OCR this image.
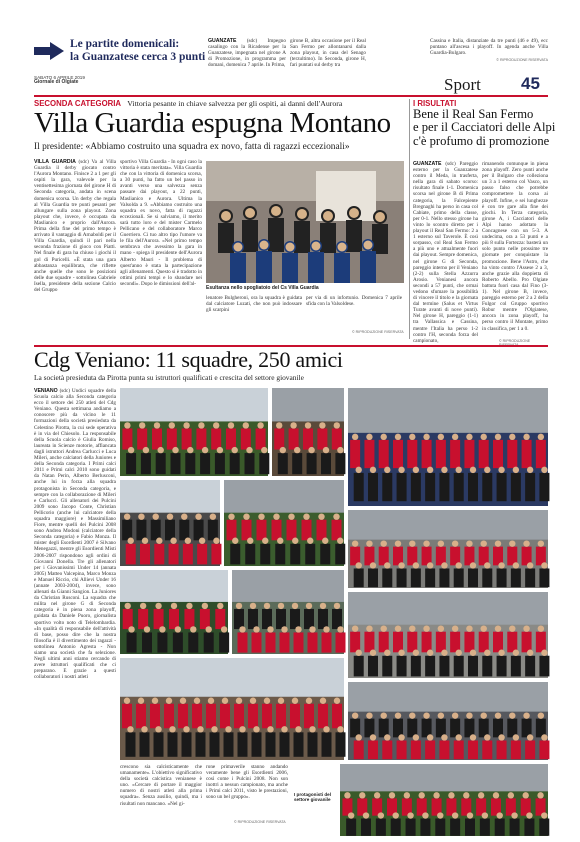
Le partite domenicali:
la Guanzatese cerca 3 punti
SABATO 6 APRILE 2019
Giornale di Olgiate
GUANZATE (sdc) Impegno casalingo con la Ricadense per la Guanzatese, impegnata nel girone A di Promozione, in programma per domani, domenica 7 aprile. In Prima,
girone B, altra occasione per il Real San Fermo per allontanarsi dalla zona playout, in casa del Senago (terzultimo). In Seconda, girone H, fari puntati sul derby tra
Cassina e Italia, distanziate da tre punti (46 e 49), ecc puntano all'ascesa i playoff. In agenda anche Villa Guardia-Bulgaro.
© RIPRODUZIONE RISERVATA
Sport 45
SECONDA CATEGORIA Vittoria pesante in chiave salvezza per gli ospiti, ai danni dell'Aurora
Villa Guardia espugna Montano
Il presidente: «Abbiamo costruito una squadra ex novo, fatta di ragazzi eccezionali»
VILLA GUARDIA (sdc) Va al Villa Guardia il derby giocato contro l'Aurora Montano. Finisce 2 a 1 per gli ospiti la gara, valevole per la ventisettesima giornata del girone H di Seconda categoria, andata in scena domenica scorsa. Un derby che regala al Villa Guardia tre punti pesanti per allungare sulla zona playout. Zona playout che, invece, è occupata da Maslianico e proprio dall'Aurora. Prima della fine del primo tempo è arrivato il vantaggio di Arnaboldi per il Villa Guardia, quindi il pari nella seconda frazione di gioco con Piatti. Nel finale di gara ha chiuso i giochi il gol di Puricelli. «È stata una gara abbastanza equilibrata, che riflette anche quelle che sono le posizioni delle due squadre - sottolinea Gabriele Isella, presidente della sezione Calcio del Gruppo
sportivo Villa Guardia - In ogni caso la vittoria è stata meritata». Villa Guardia che con la vittoria di domenica scorsa, a 30 punti, ha fatto un bel passo in avanti verso una salvezza senza passare dai playout, a 22 punti, Maslianico e Aurora. Ultima la Valsolda a 9. «Abbiamo costruito una squadra ex novo, fatta di ragazzi eccezionali. Se si salviamo, il merito sarà tutto loro e del mister Carmelo Pellicano e del collaboratore Marco Guerriero. Ci tuo altro tipo l'umore va le fila dell'Aurora. «Nel primo tempo sembrava che avessimo la gara in mano - spiega il presidente dell'Aurora Alberto Mauri - Il problema di quest'anno è stata la partecipazione agli allenamenti. Questo si è tradotto in ottimi primi tempi e lo sbandare nei secondi». Dopo le dimissioni dell'al-
Esultanza nello spogliatoio del Cs Villa Guardia
lenatore Bulgheroni, ora la squadra è guidata dal calciatore Luzati, che non può indossare gli scarpini
per via di un infortunio. Domenica 7 aprile sfida con la Valsoldese.
© RIPRODUZIONE RISERVATA
I RISULTATI
Bene il Real San Fermo
e per il Cacciatori delle Alpi
c'è profumo di promozione
GUANZATE (sdc) Pareggio esterno per la Guanzatese contro il Meda, in trasferta, nella gara di sabato scorso: risultato finale 1-1. Domenica scorsa nel girone B di Prima categoria, la Falcepiente Bregnaghi ha perso in casa col Cabiate, primo della classe, per 0-1. Nello stesso girone ha vinto lo scontro diretto per i playout il Real San Fermo: 2 a 1 esterno sul Taverole. È così sorpasso, col Real San Fermo a più uno e attualmente fuori dai playout. Sempre domenica, nel girone G di Seconda, pareggio interno per il Veniano (2-2) sulla Stella Azzurra Arosio. Venianesi ancora secondi a 57 punti, che ormai vedono sfumare la possibilità di vincere il titolo e la giornata dal termine (Salus et Virtus Turate avanti di nove punti). Nel girone H, pareggio (1-1) tra Vallassica e Cassina, mentre l'Italia ha perso 1-2 contro l'H, seconda forza del campionato,
rimanendo comunque in piena zona playoff. Zero punti anche per il Bulgaro che colleziona un 3 a 1 esterno col Vasco, un passo falso che potrebbe compromettere la corsa ai playoff. Infine, e sei lunghezze è con tre gare alla fine dei giochi. In Terza categoria, girone A, i Cacciatori delle Alpi hanno adottato la Concagnese con un 5-3. A undecima, ora a 53 punti e a più 8 sulla Fortezza: basterà un solo punto nelle prossime tre giornate per conquistare la promozione. Bene l'Astro, che ha vinto contro l'Assese 2 a 3, anche grazie alla doppietta di Roberto Abello. Pro Olgiate battuta fuori casa dal Fino (3-1). Nel girone B, invece, pareggio esterno per 2 a 2 della Fulgor col Gruppo sportivo Robur mentre l'Olgiatese, ancora in zona playoff, ha perso contro il Montate, primo in classifica, per 1 a 0.
© RIPRODUZIONE
Cdg Veniano: 11 squadre, 250 amici
La società presieduta da Pirotta punta su istruttori qualificati e crescita del settore giovanile
VENIANO (sdc) Undici squadre della Scuola calcio alla Seconda categoria ecco il settore dei 250 atleti del Cdg Veniano. Questa settimana andiamo a conoscere più da vicino le 11 formazioni della società presieduta da Celestino Pirotta, la cui sede operativa è in via del Chiesolo. La responsabile della Scuola calcio è Giulia Romiso, laureata in Scienze motorie, affiancata dagli istruttori Andrea Carlucci e Luca Mileri, anche calciatori della Juniores e della Seconda categoria. I Primi calci 2011 e Primi calci 2010 sono guidati da Natan Perin, Alberto Berlusconi, anche lui in forza alla squadra protagonista in Seconda categoria, e sempre con la collaborazione di Mileri e Carlucci. Gli allenatori dei Pulcini 2009 sono Jacopo Conte, Christian Pellicorio (anche lui calciatore della squadra maggiore) e Massimiliano Fiore, mentre quelli dei Pulcini 2008 sono Andrea Modoni (calciatore della Seconda categoria) e Fabio Monza. Il mister degli Esordienti 2007 è Silvano Menegazzi, mentre gli Esordienti Misti 2006-2007 rispondono agli ordini di Giovanni Donella. Tre gli allenatori per i Giovanissimi Under 14 (annata 2005) Matteo Valcepina, Marco Monza e Manuel Riccio, chi Allievi Under 16 (annate 2003-2004), invece, sono allenati da Gianni Sangion. La Juniores da Christian Rusconi. La squadra che milita nel girone G di Seconda categoria è in piena zona playoff, guidata da Daniele Puoro, giornalista sportivo volto noto di Telelombardia. «In qualità di responsabile dell'attività di base, posso dire che la nostra filosofia è il divertimento dei ragazzi - sottolinea Antonio Agresta - Non siamo una società che fa selezione. Negli ultimi anni stiamo cercando di avere istruttori qualificati che ci preparano. E grazie a questi collaboratori i nostri atleti
crescono sia calcisticamente che umanamente». L'obiettivo significativo della società calcistica venianese è uno. «Cercare di portare il maggior numero di nostri atleti alla prima squadra». Senza ausilio, quindi, ma i risultati non mancano. «Nel gi-
rone primaverile stanno andando veramente bene gli Esordienti 2006, così come i Pulcini 2008. Non son inottri a nessun campionato, ma anche i Primi calci 2011, visto le prestazioni, sono un bel gruppo».
© RIPRODUZIONE RISERVATA
I protagonisti del settore giovanile
